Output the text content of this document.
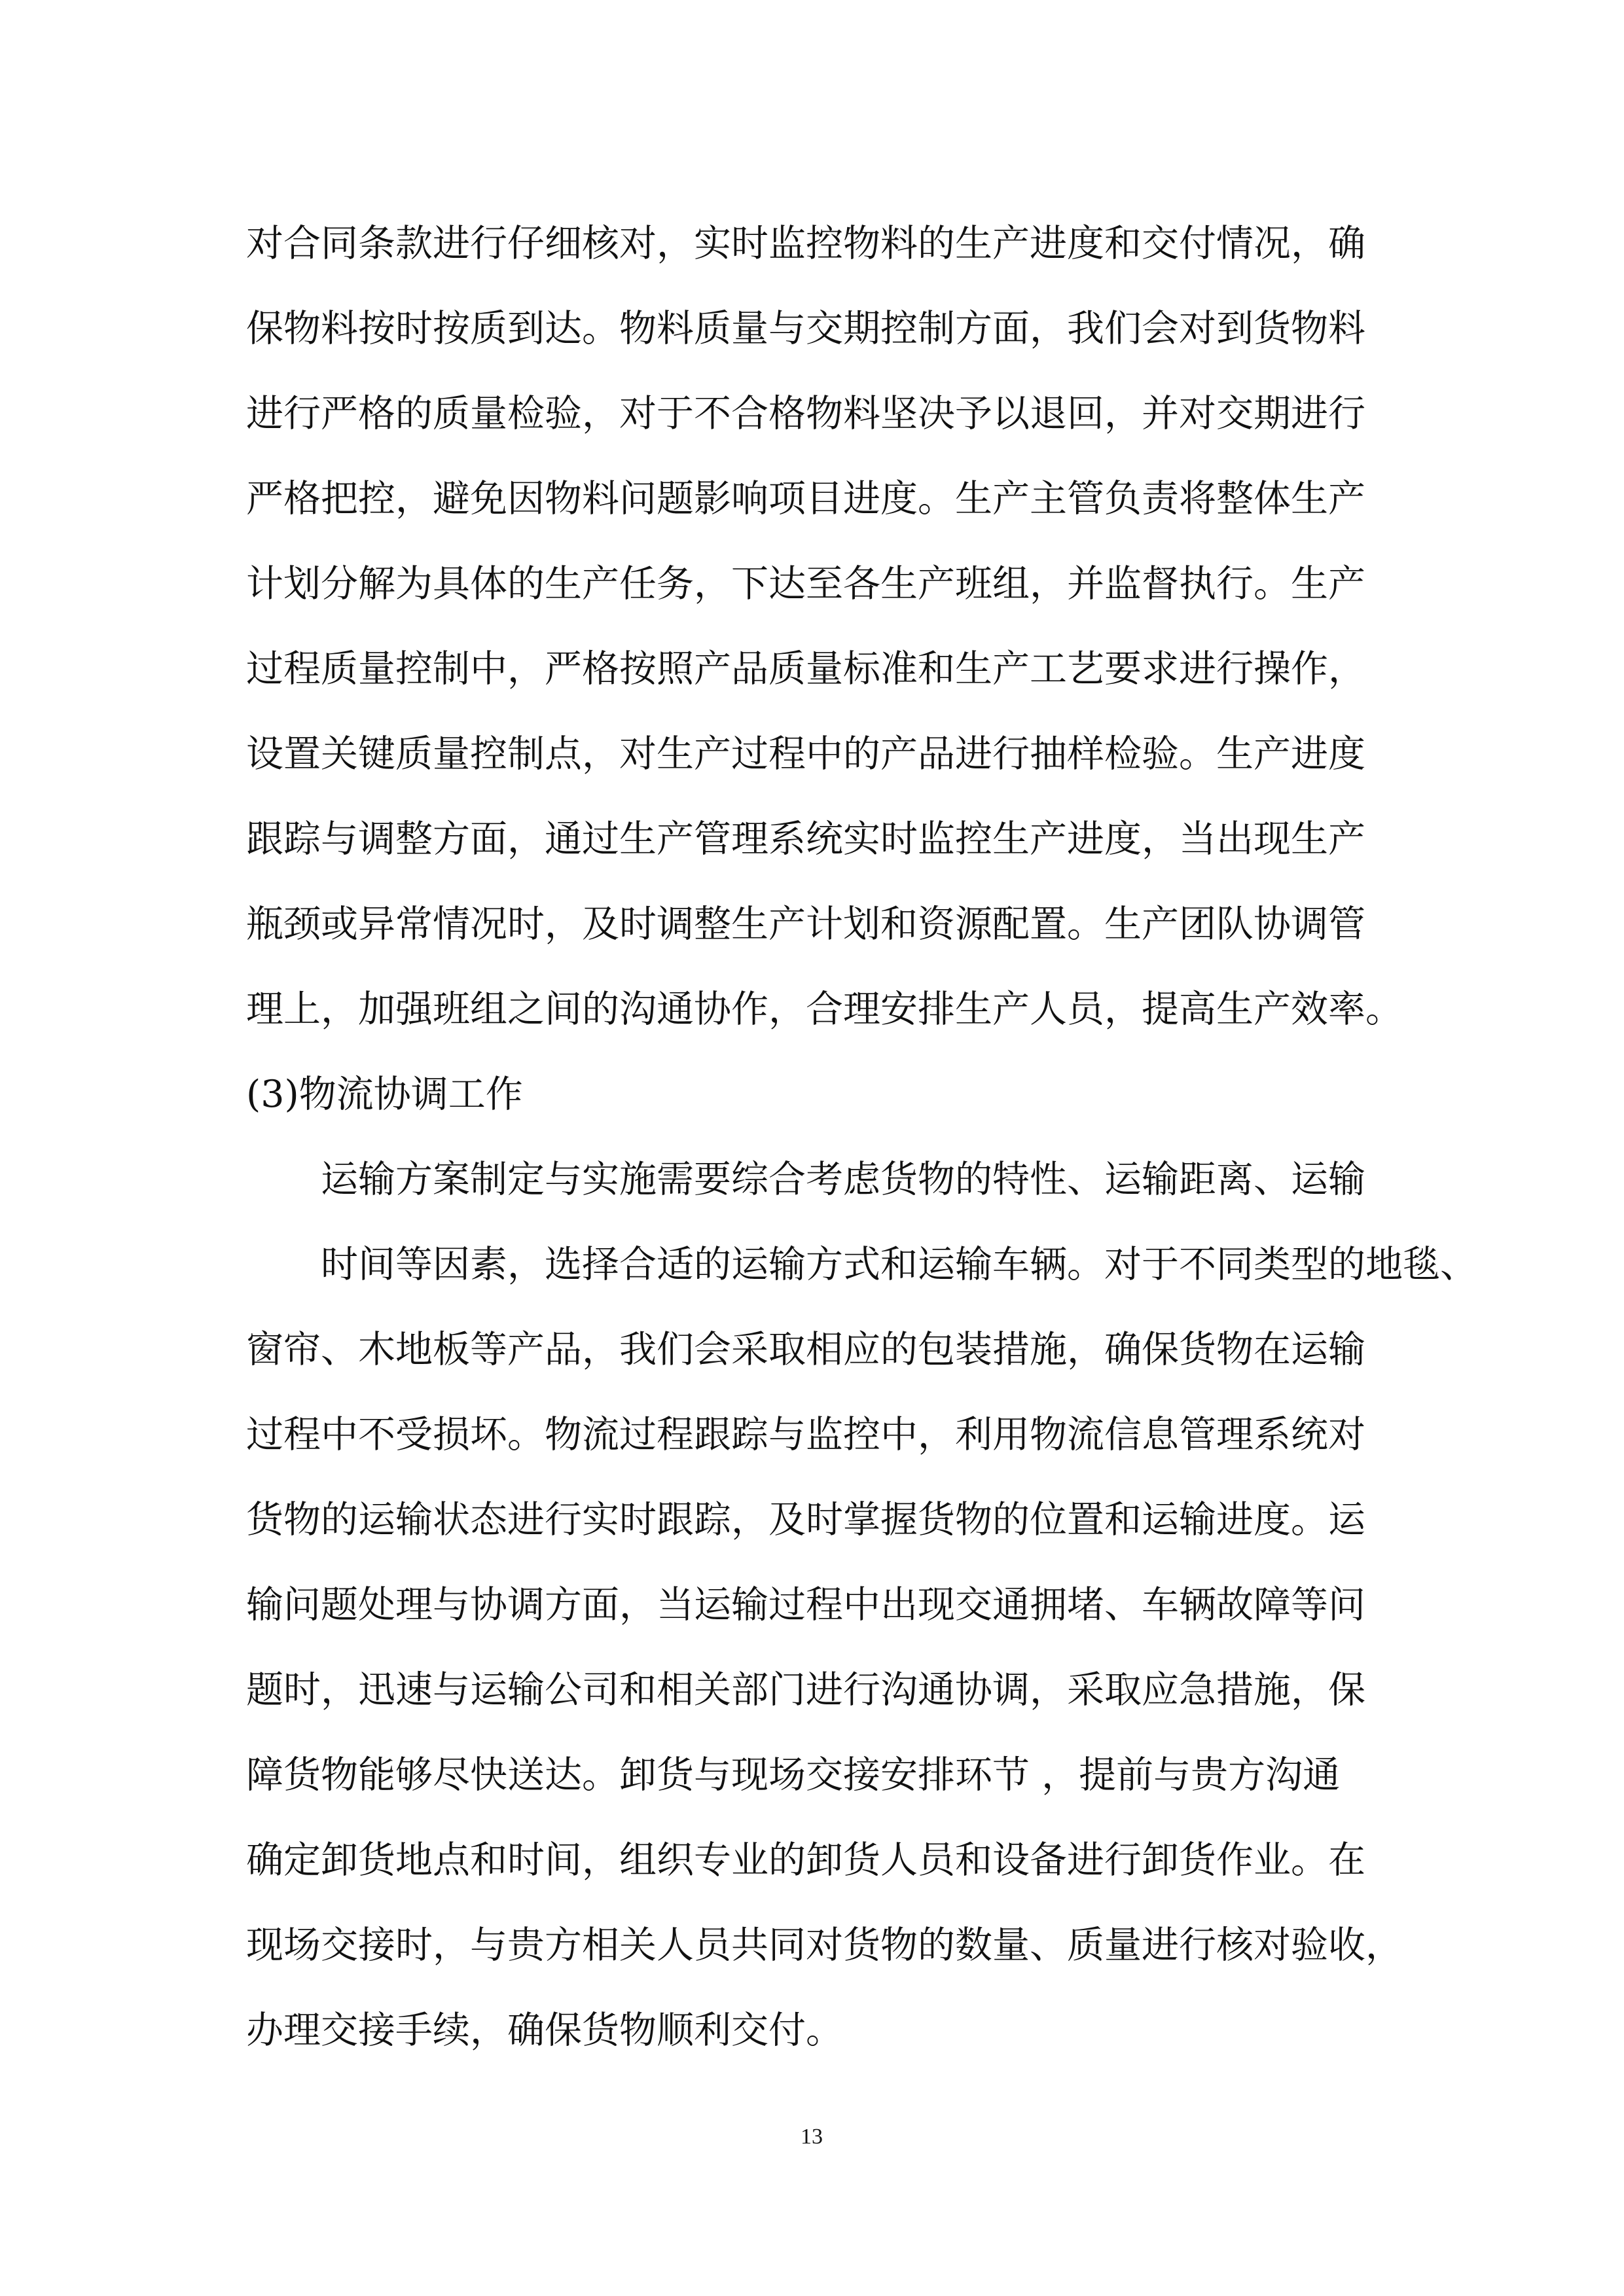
对合同条款进行仔细核对，实时监控物料的生产进度和交付情况，确
保物料按时按质到达。物料质量与交期控制方面，我们会对到货物料
进行严格的质量检验，对于不合格物料坚决予以退回，并对交期进行
严格把控，避免因物料问题影响项目进度。生产主管负责将整体生产
计划分解为具体的生产任务，下达至各生产班组，并监督执行。生产
过程质量控制中，严格按照产品质量标准和生产工艺要求进行操作，
设置关键质量控制点，对生产过程中的产品进行抽样检验。生产进度
跟踪与调整方面，通过生产管理系统实时监控生产进度，当出现生产
瓶颈或异常情况时，及时调整生产计划和资源配置。生产团队协调管
理上，加强班组之间的沟通协作，合理安排生产人员，提高生产效率。
(3)物流协调工作
运输方案制定与实施需要综合考虑货物的特性、运输距离、运输
时间等因素，选择合适的运输方式和运输车辆。对于不同类型的地毯、
窗帘、木地板等产品，我们会采取相应的包装措施，确保货物在运输
过程中不受损坏。物流过程跟踪与监控中，利用物流信息管理系统对
货物的运输状态进行实时跟踪，及时掌握货物的位置和运输进度。运
输问题处理与协调方面，当运输过程中出现交通拥堵、车辆故障等问
题时，迅速与运输公司和相关部门进行沟通协调，采取应急措施，保
障货物能够尽快送达。卸货与现场交接安排环节 ，提前与贵方沟通
确定卸货地点和时间，组织专业的卸货人员和设备进行卸货作业。在
现场交接时，与贵方相关人员共同对货物的数量、质量进行核对验收，
办理交接手续，确保货物顺利交付。
13
